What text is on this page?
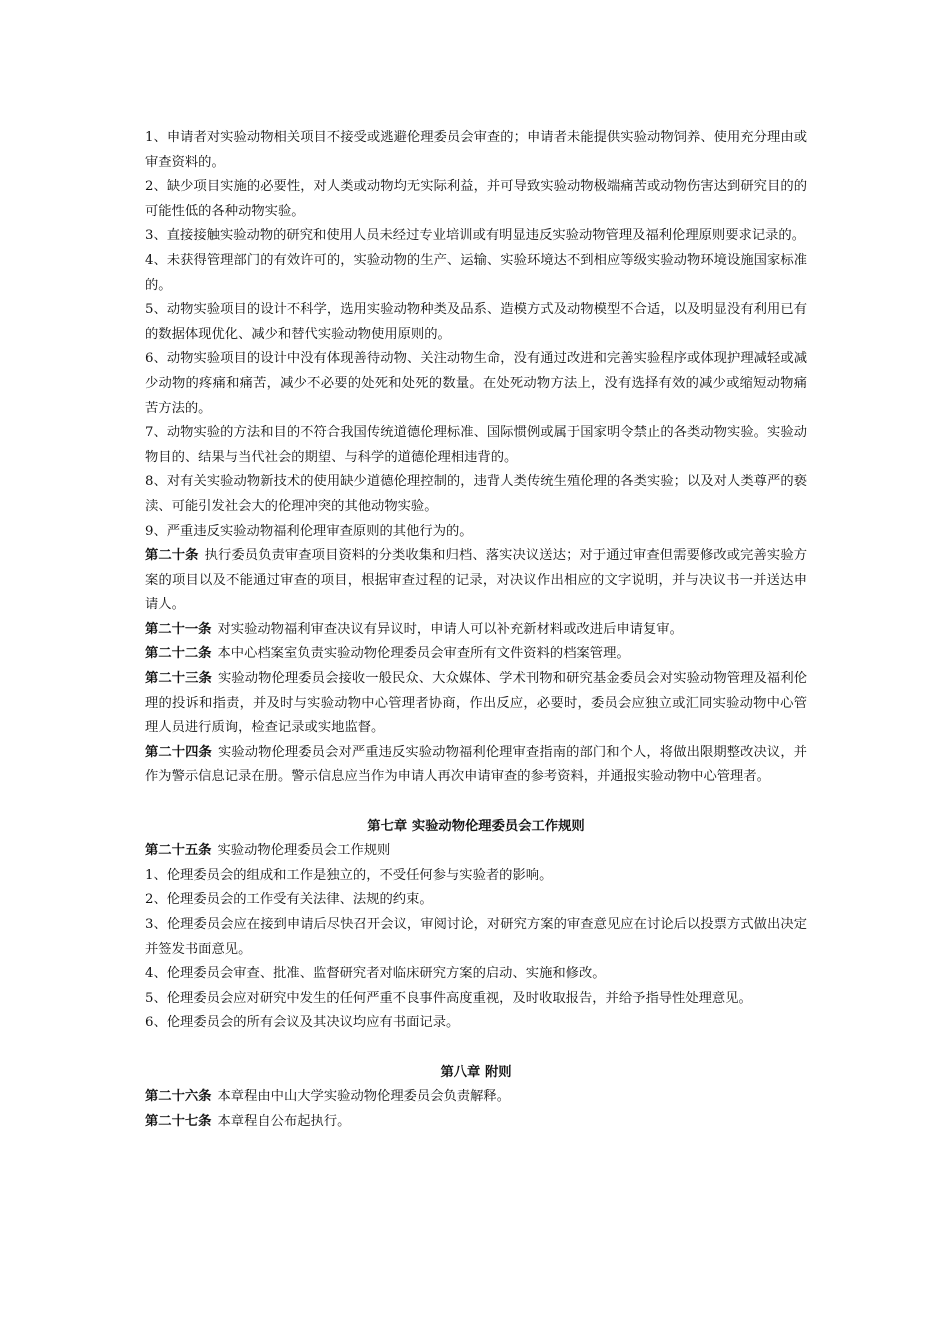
1、申请者对实验动物相关项目不接受或逃避伦理委员会审查的；申请者未能提供实验动物饲养、使用充分理由或审查资料的。

2、缺少项目实施的必要性，对人类或动物均无实际利益，并可导致实验动物极端痛苦或动物伤害达到研究目的的可能性低的各种动物实验。

3、直接接触实验动物的研究和使用人员未经过专业培训或有明显违反实验动物管理及福利伦理原则要求记录的。

4、未获得管理部门的有效许可的，实验动物的生产、运输、实验环境达不到相应等级实验动物环境设施国家标准的。

5、动物实验项目的设计不科学，选用实验动物种类及品系、造模方式及动物模型不合适，以及明显没有利用已有的数据体现优化、减少和替代实验动物使用原则的。

6、动物实验项目的设计中没有体现善待动物、关注动物生命，没有通过改进和完善实验程序或体现护理减轻或减少动物的疼痛和痛苦，减少不必要的处死和处死的数量。在处死动物方法上，没有选择有效的减少或缩短动物痛苦方法的。

7、动物实验的方法和目的不符合我国传统道德伦理标准、国际惯例或属于国家明令禁止的各类动物实验。实验动物目的、结果与当代社会的期望、与科学的道德伦理相违背的。

8、对有关实验动物新技术的使用缺少道德伦理控制的，违背人类传统生殖伦理的各类实验；以及对人类尊严的亵渎、可能引发社会大的伦理冲突的其他动物实验。

9、严重违反实验动物福利伦理审查原则的其他行为的。

第二十条 执行委员负责审查项目资料的分类收集和归档、落实决议送达；对于通过审查但需要修改或完善实验方案的项目以及不能通过审查的项目，根据审查过程的记录，对决议作出相应的文字说明，并与决议书一并送达申请人。

第二十一条 对实验动物福利审查决议有异议时，申请人可以补充新材料或改进后申请复审。

第二十二条 本中心档案室负责实验动物伦理委员会审查所有文件资料的档案管理。

第二十三条 实验动物伦理委员会接收一般民众、大众媒体、学术刊物和研究基金委员会对实验动物管理及福利伦理的投诉和指责，并及时与实验动物中心管理者协商，作出反应，必要时，委员会应独立或汇同实验动物中心管理人员进行质询，检查记录或实地监督。

第二十四条 实验动物伦理委员会对严重违反实验动物福利伦理审查指南的部门和个人，将做出限期整改决议，并作为警示信息记录在册。警示信息应当作为申请人再次申请审查的参考资料，并通报实验动物中心管理者。

第七章 实验动物伦理委员会工作规则

第二十五条 实验动物伦理委员会工作规则

1、伦理委员会的组成和工作是独立的，不受任何参与实验者的影响。

2、伦理委员会的工作受有关法律、法规的约束。

3、伦理委员会应在接到申请后尽快召开会议，审阅讨论，对研究方案的审查意见应在讨论后以投票方式做出决定并签发书面意见。

4、伦理委员会审查、批准、监督研究者对临床研究方案的启动、实施和修改。

5、伦理委员会应对研究中发生的任何严重不良事件高度重视，及时收取报告，并给予指导性处理意见。

6、伦理委员会的所有会议及其决议均应有书面记录。

第八章 附则

第二十六条 本章程由中山大学实验动物伦理委员会负责解释。

第二十七条 本章程自公布起执行。
